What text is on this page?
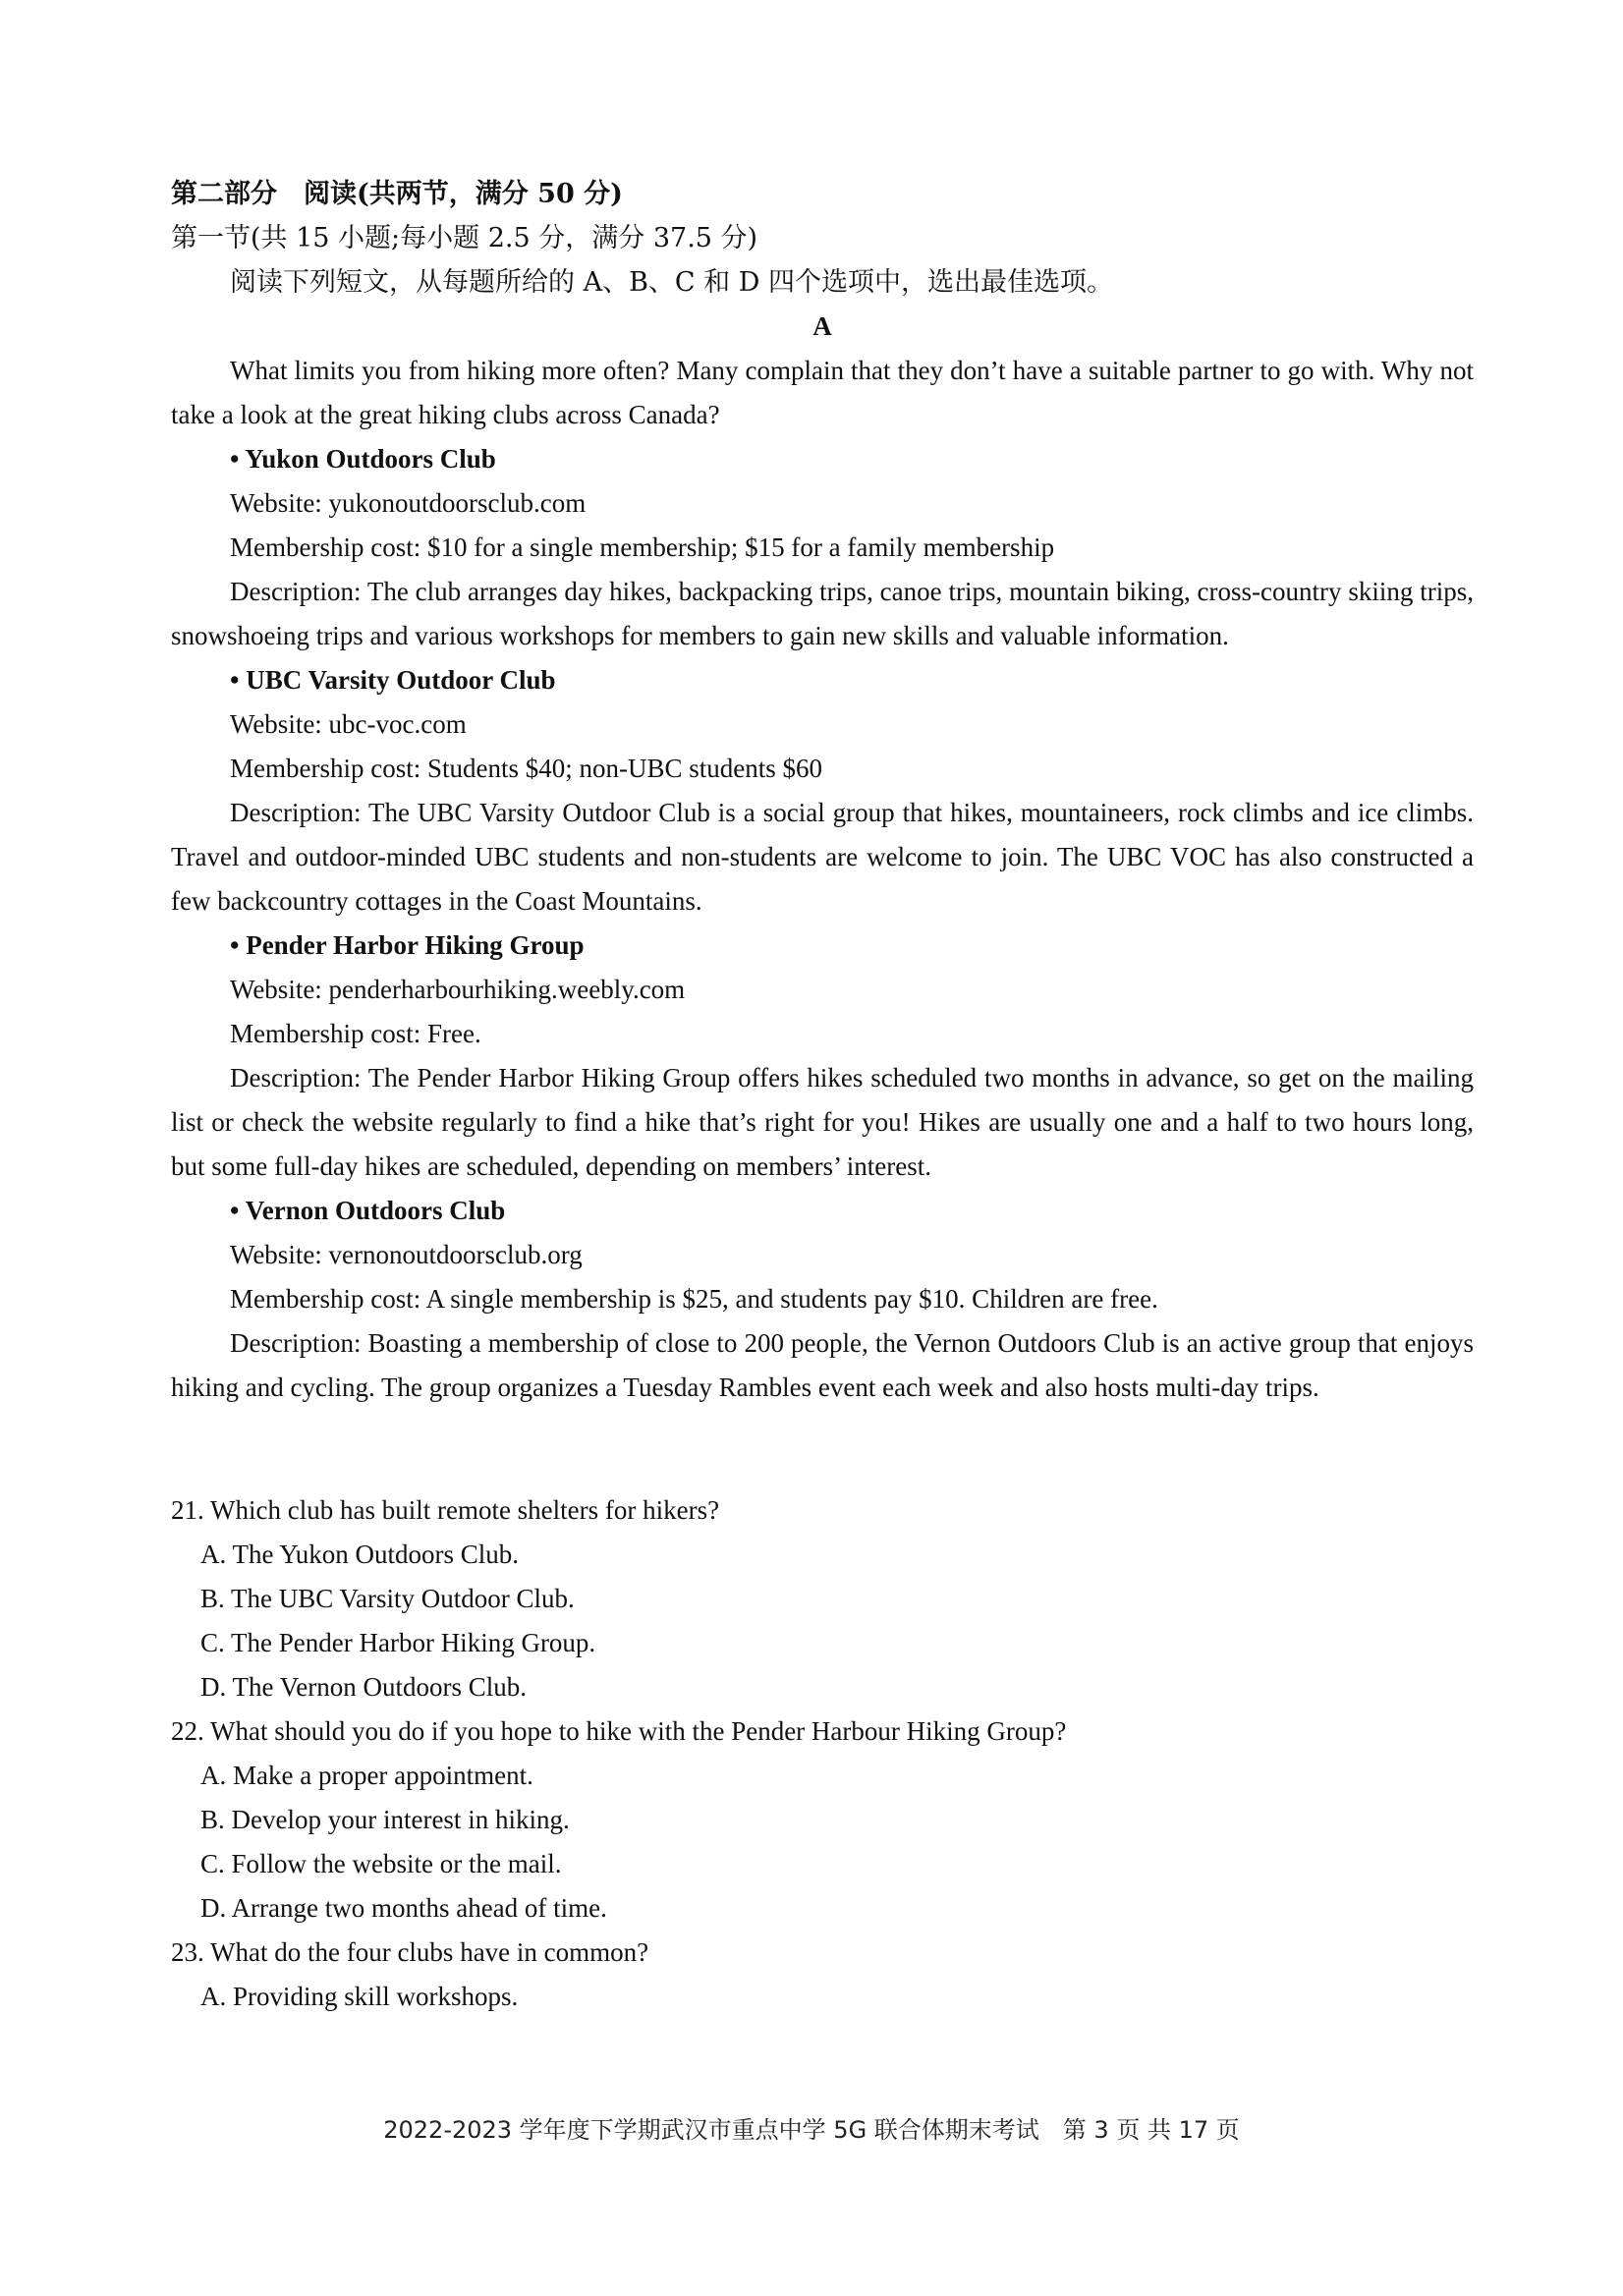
第二部分　阅读(共两节，满分 50 分)
第一节(共 15 小题;每小题 2.5 分，满分 37.5 分)
阅读下列短文，从每题所给的 A、B、C 和 D 四个选项中，选出最佳选项。
A

What limits you from hiking more often? Many complain that they don’t have a suitable partner to go with. Why not take a look at the great hiking clubs across Canada?

• Yukon Outdoors Club
Website: yukonoutdoorsclub.com
Membership cost: $10 for a single membership; $15 for a family membership

Description: The club arranges day hikes, backpacking trips, canoe trips, mountain biking, cross-country skiing trips, snowshoeing trips and various workshops for members to gain new skills and valuable information.

• UBC Varsity Outdoor Club
Website: ubc-voc.com
Membership cost: Students $40; non-UBC students $60

Description: The UBC Varsity Outdoor Club is a social group that hikes, mountaineers, rock climbs and ice climbs. Travel and outdoor-minded UBC students and non-students are welcome to join. The UBC VOC has also constructed a few backcountry cottages in the Coast Mountains.

• Pender Harbor Hiking Group
Website: penderharbourhiking.weebly.com
Membership cost: Free.

Description: The Pender Harbor Hiking Group offers hikes scheduled two months in advance, so get on the mailing list or check the website regularly to find a hike that’s right for you! Hikes are usually one and a half to two hours long, but some full-day hikes are scheduled, depending on members’ interest.

• Vernon Outdoors Club
Website: vernonoutdoorsclub.org
Membership cost: A single membership is $25, and students pay $10. Children are free.

Description: Boasting a membership of close to 200 people, the Vernon Outdoors Club is an active group that enjoys hiking and cycling. The group organizes a Tuesday Rambles event each week and also hosts multi-day trips.

21. Which club has built remote shelters for hikers?
A. The Yukon Outdoors Club.
B. The UBC Varsity Outdoor Club.
C. The Pender Harbor Hiking Group.
D. The Vernon Outdoors Club.
22. What should you do if you hope to hike with the Pender Harbour Hiking Group?
A. Make a proper appointment.
B. Develop your interest in hiking.
C. Follow the website or the mail.
D. Arrange two months ahead of time.
23. What do the four clubs have in common?
A. Providing skill workshops.
2022-2023 学年度下学期武汉市重点中学 5G 联合体期末考试　第 3 页 共 17 页
